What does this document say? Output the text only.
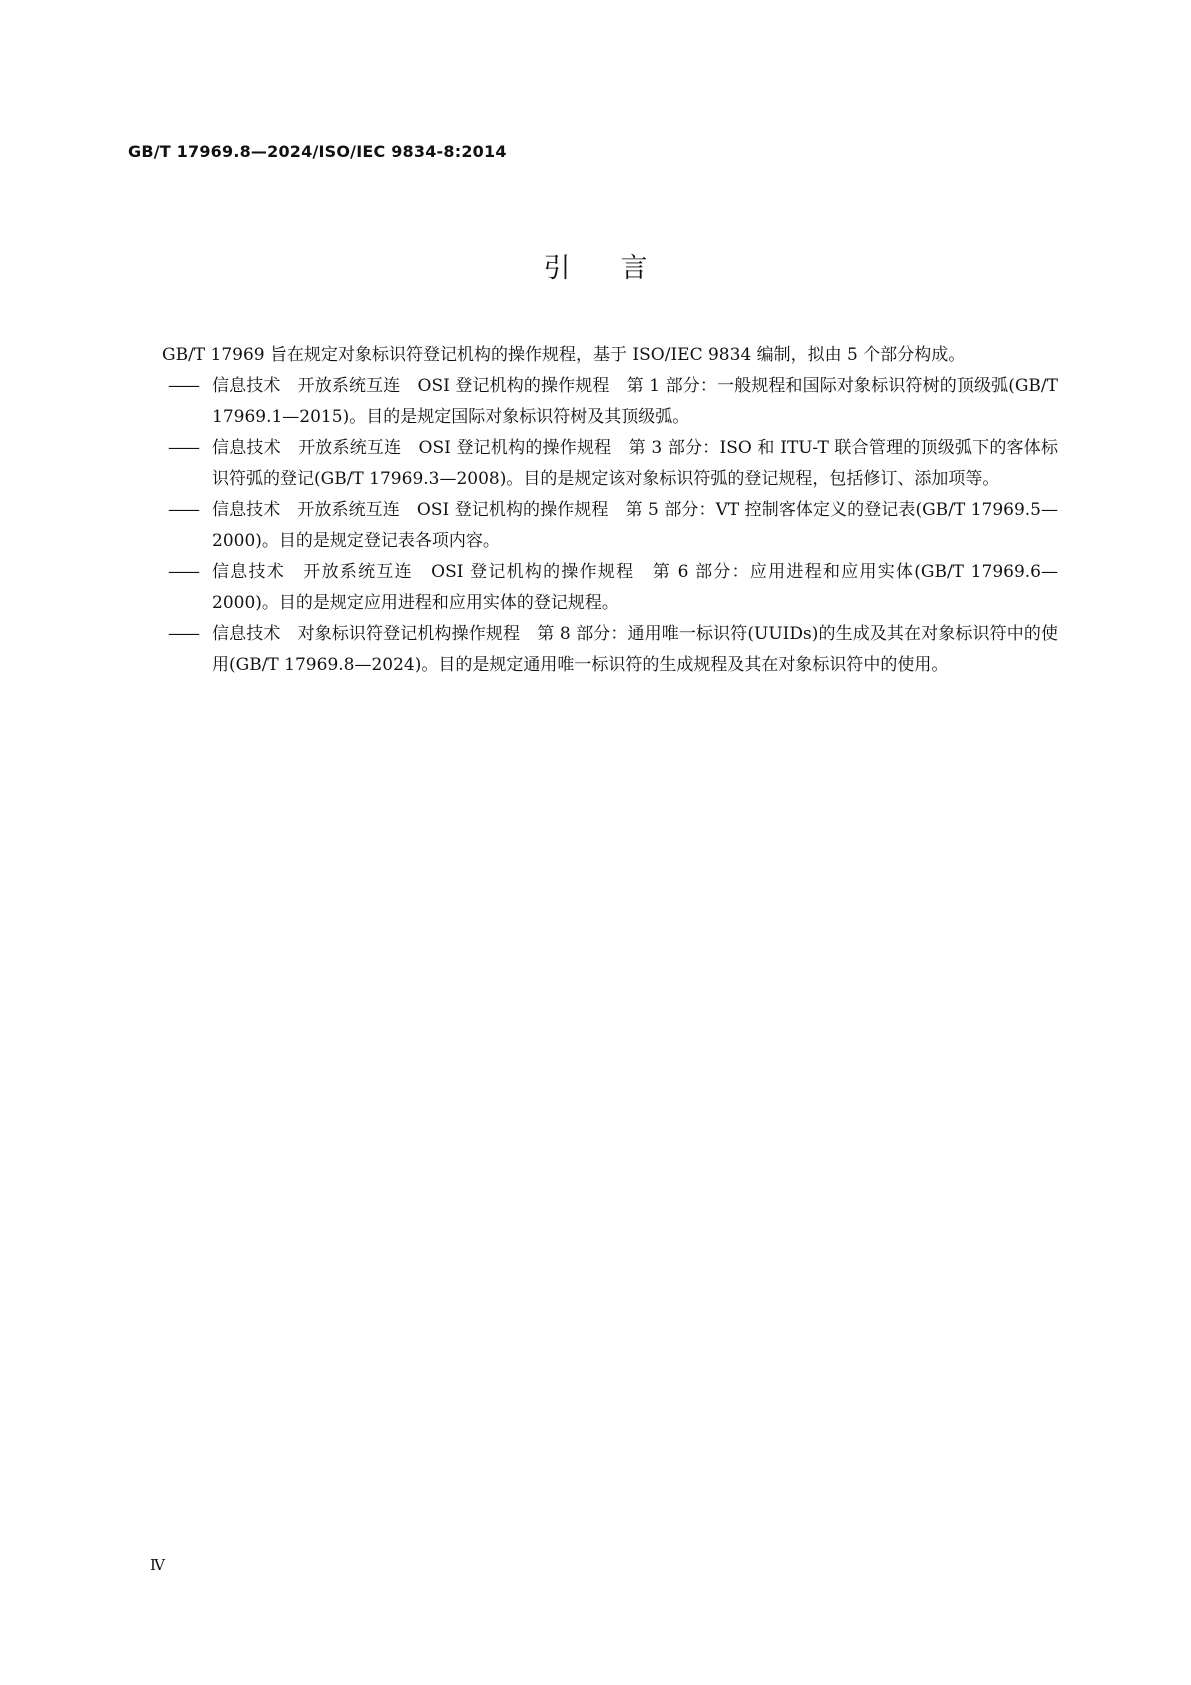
GB/T 17969.8—2024/ISO/IEC 9834-8:2014
引言

GB/T 17969 旨在规定对象标识符登记机构的操作规程，基于 ISO/IEC 9834 编制，拟由 5 个部分构成。

—— 信息技术　开放系统互连　OSI 登记机构的操作规程　第 1 部分：一般规程和国际对象标识符树的顶级弧(GB/T 17969.1—2015)。目的是规定国际对象标识符树及其顶级弧。
—— 信息技术　开放系统互连　OSI 登记机构的操作规程　第 3 部分：ISO 和 ITU-T 联合管理的顶级弧下的客体标识符弧的登记(GB/T 17969.3—2008)。目的是规定该对象标识符弧的登记规程，包括修订、添加项等。
—— 信息技术　开放系统互连　OSI 登记机构的操作规程　第 5 部分：VT 控制客体定义的登记表(GB/T 17969.5—2000)。目的是规定登记表各项内容。
—— 信息技术　开放系统互连　OSI 登记机构的操作规程　第 6 部分：应用进程和应用实体(GB/T 17969.6—2000)。目的是规定应用进程和应用实体的登记规程。
—— 信息技术　对象标识符登记机构操作规程　第 8 部分：通用唯一标识符(UUIDs)的生成及其在对象标识符中的使用(GB/T 17969.8—2024)。目的是规定通用唯一标识符的生成规程及其在对象标识符中的使用。
Ⅳ
